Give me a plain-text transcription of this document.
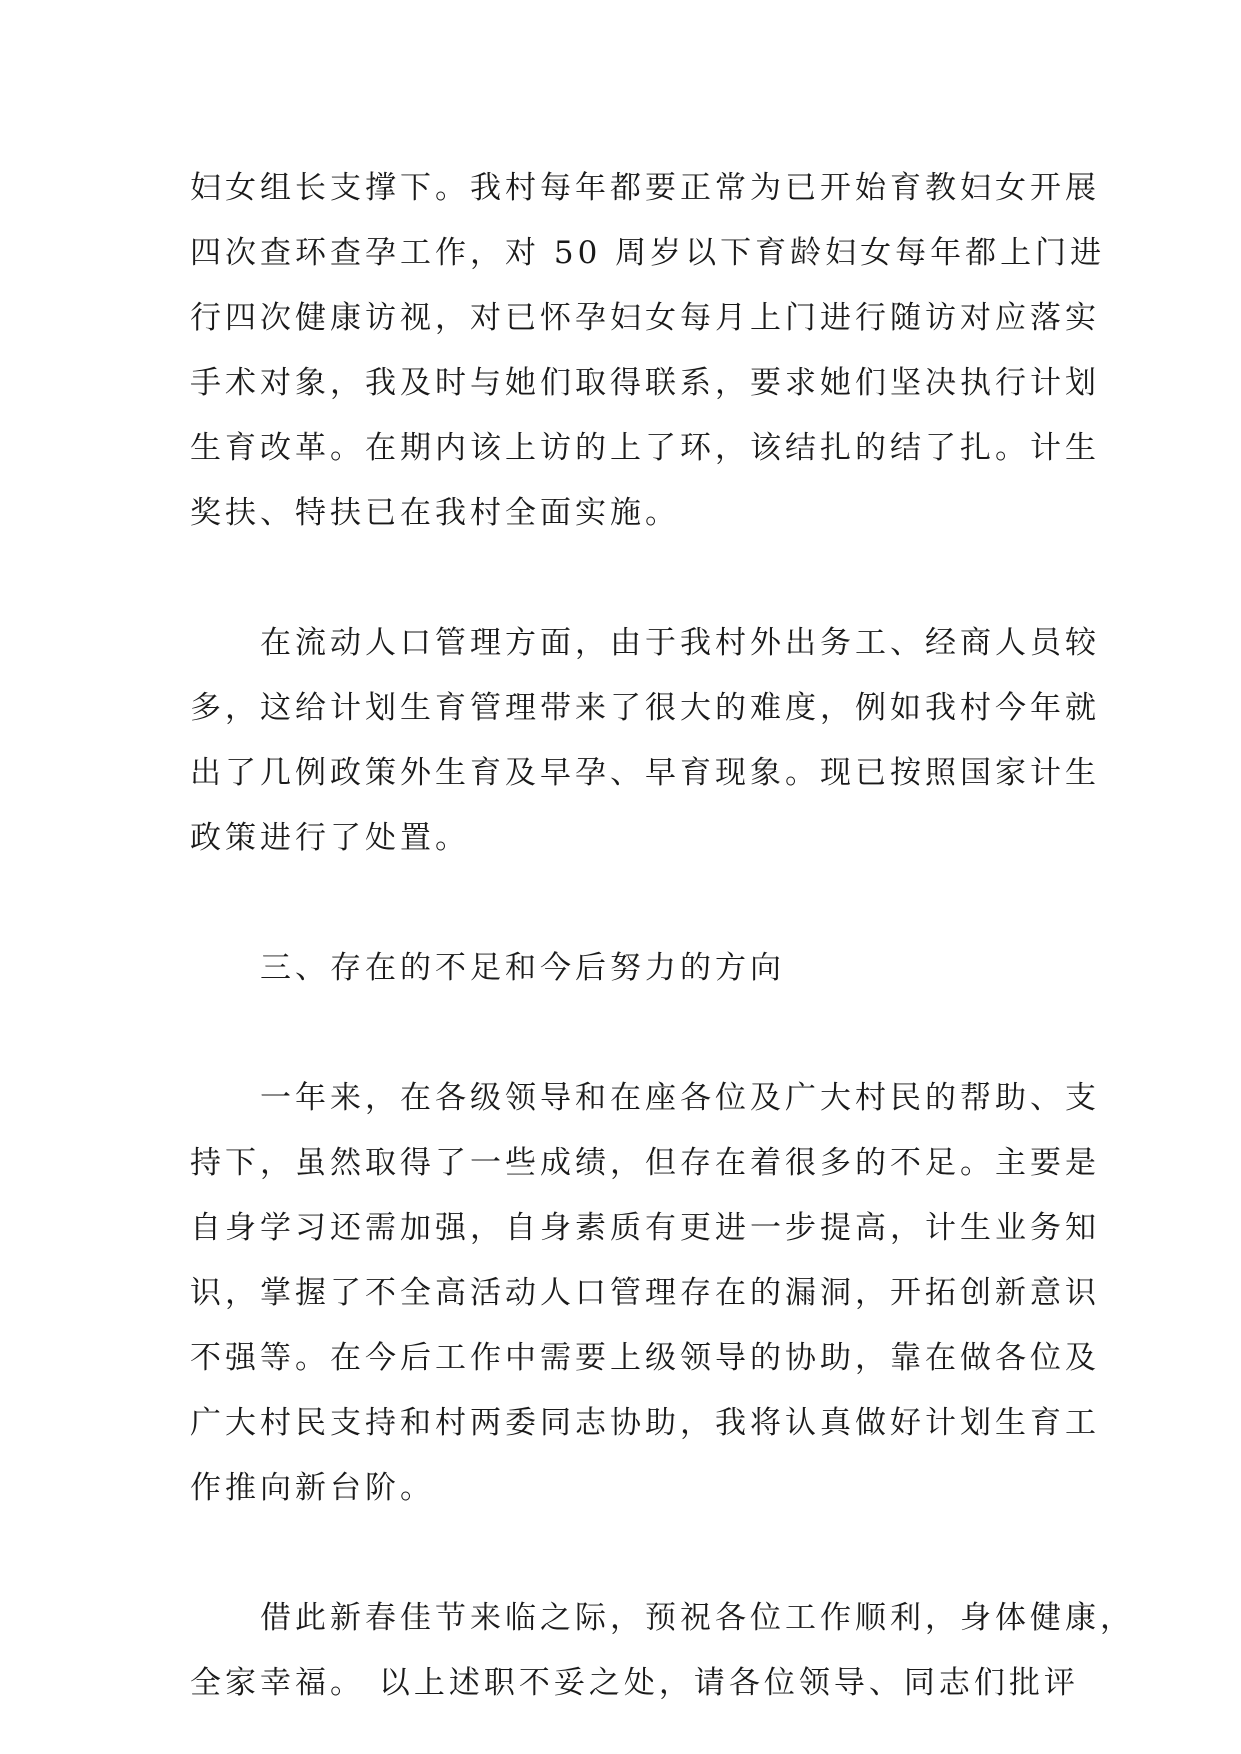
妇女组长支撑下。我村每年都要正常为已开始育教妇女开展
四次查环查孕工作，对 50 周岁以下育龄妇女每年都上门进
行四次健康访视，对已怀孕妇女每月上门进行随访对应落实
手术对象，我及时与她们取得联系，要求她们坚决执行计划
生育改革。在期内该上访的上了环，该结扎的结了扎。计生
奖扶、特扶已在我村全面实施。
　　在流动人口管理方面，由于我村外出务工、经商人员较
多，这给计划生育管理带来了很大的难度，例如我村今年就
出了几例政策外生育及早孕、早育现象。现已按照国家计生
政策进行了处置。
　　三、存在的不足和今后努力的方向
　　一年来，在各级领导和在座各位及广大村民的帮助、支
持下，虽然取得了一些成绩，但存在着很多的不足。主要是
自身学习还需加强，自身素质有更进一步提高，计生业务知
识，掌握了不全高活动人口管理存在的漏洞，开拓创新意识
不强等。在今后工作中需要上级领导的协助，靠在做各位及
广大村民支持和村两委同志协助，我将认真做好计划生育工
作推向新台阶。
　　借此新春佳节来临之际，预祝各位工作顺利，身体健康，
全家幸福。 以上述职不妥之处，请各位领导、同志们批评
